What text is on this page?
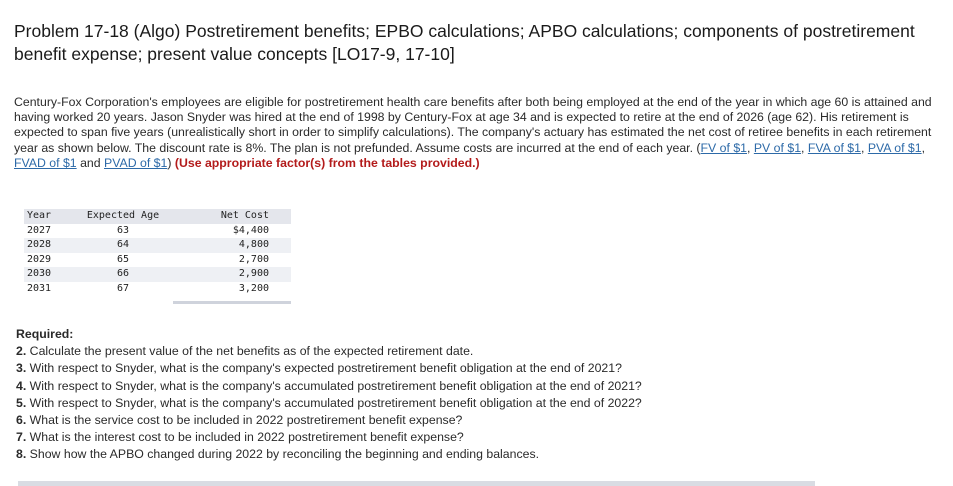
Problem 17-18 (Algo) Postretirement benefits; EPBO calculations; APBO calculations; components of postretirement benefit expense; present value concepts [LO17-9, 17-10]
Century-Fox Corporation's employees are eligible for postretirement health care benefits after both being employed at the end of the year in which age 60 is attained and having worked 20 years. Jason Snyder was hired at the end of 1998 by Century-Fox at age 34 and is expected to retire at the end of 2026 (age 62). His retirement is expected to span five years (unrealistically short in order to simplify calculations). The company's actuary has estimated the net cost of retiree benefits in each retirement year as shown below. The discount rate is 8%. The plan is not prefunded. Assume costs are incurred at the end of each year. (FV of $1, PV of $1, FVA of $1, PVA of $1, FVAD of $1 and PVAD of $1) (Use appropriate factor(s) from the tables provided.)
Year	Expected Age	Net Cost
2027	63	$4,400
2028	64	4,800
2029	65	2,700
2030	66	2,900
2031	67	3,200

Required:
2. Calculate the present value of the net benefits as of the expected retirement date.
3. With respect to Snyder, what is the company's expected postretirement benefit obligation at the end of 2021?
4. With respect to Snyder, what is the company's accumulated postretirement benefit obligation at the end of 2021?
5. With respect to Snyder, what is the company's accumulated postretirement benefit obligation at the end of 2022?
6. What is the service cost to be included in 2022 postretirement benefit expense?
7. What is the interest cost to be included in 2022 postretirement benefit expense?
8. Show how the APBO changed during 2022 by reconciling the beginning and ending balances.
